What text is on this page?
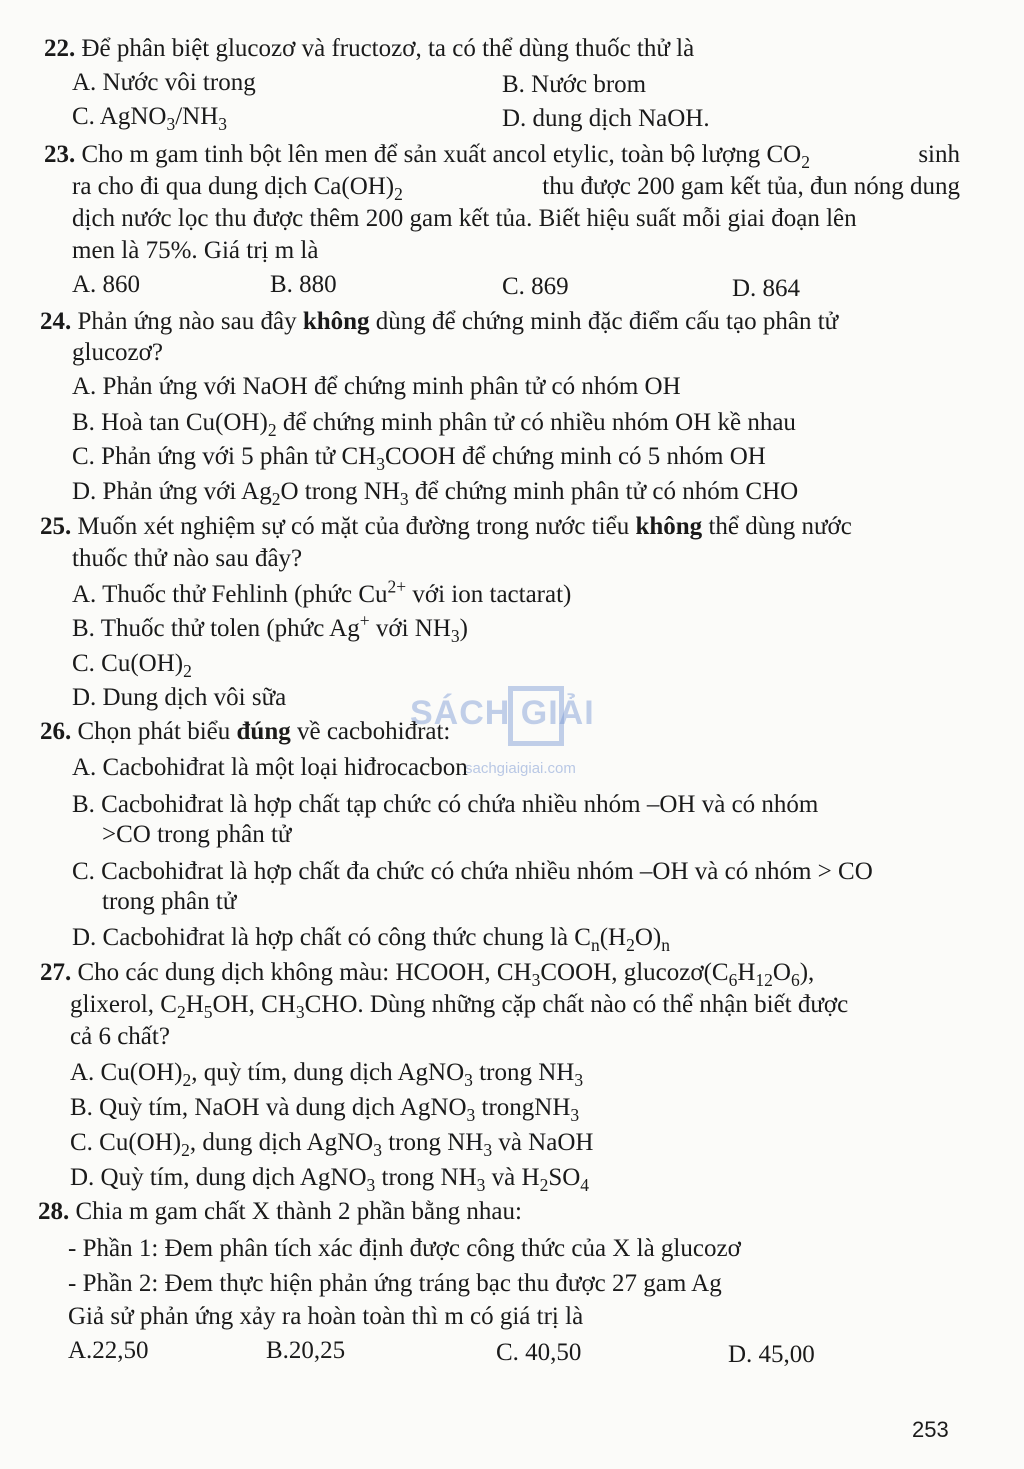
SÁCH GIẢI
sachgiaigiai.com
22. Để phân biệt glucozơ và fructozơ, ta có thể dùng thuốc thử là
A. Nước vôi trong	B. Nước brom
C. $AgNO_3/NH_3$	D. dung dịch NaOH.
23. Cho m gam tinh bột lên men để sản xuất ancol etylic, toàn bộ lượng $CO_2$	sinh
ra cho đi qua dung dịch $Ca(OH)_2$	thu được 200 gam kết tủa, đun nóng dung
dịch nước lọc thu được thêm 200 gam kết tủa. Biết hiệu suất mỗi giai đoạn lên
men là 75%. Giá trị m là
A. 860	B. 880	C. 869	D. 864
24. Phản ứng nào sau đây không dùng để chứng minh đặc điểm cấu tạo phân tử
glucozơ?
A. Phản ứng với NaOH để chứng minh phân tử có nhóm OH
B. Hoà $\tan Cu(OH)_2$ để chứng minh phân tử có nhiều nhóm OH kề nhau
C. Phản ứng với 5 phân tử $CH_3COOH$ để chứng minh có 5 nhóm OH
D. Phản ứng với $Ag_2O$ trong $NH_3$ để chứng minh phân tử có nhóm CHO
25. Muốn xét nghiệm sự có mặt của đường trong nước tiểu không thể dùng nước
thuốc thử nào sau đây?
A. Thuốc thử Fehlinh (phức $Cu^{2+}$ với ion tactarat)
B. Thuốc thử tolen (phức Ag+ với $NH_3$)
C. $Cu(OH)_2$
D. Dung dịch vôi sữa
26. Chọn phát biểu đúng về cacbohiđrat:
A. Cacbohiđrat là một loại hiđrocacbon
B. Cacbohiđrat là hợp chất tạp chức có chứa nhiều nhóm –OH và có nhóm
>CO trong phân tử
C. Cacbohiđrat là hợp chất đa chức có chứa nhiều nhóm –OH và có nhóm > CO
trong phân tử
D. Cacbohiđrat là hợp chất có công thức chung là $C_n(H_2O)_n$
27. Cho các dung dịch không màu: HCOOH, $CH_3COOH$, $glucozơ(C_6H_{12}O_6)$,
glixerol, $C_2H_5OH$, $CH_3CHO$. Dùng những cặp chất nào có thể nhận biết được
cả 6 chất?
A. $Cu(OH)_2$, quỳ tím, dung dịch AgNO$_3$ trong $NH_3$
B. Quỳ tím, NaOH và dung dịch AgNO$_3$ trongNH$_3$
C. $Cu(OH)_2$, dung dịch AgNO$_3$ trong $NH_3$ và NaOH
D. Quỳ tím, dung dịch AgNO$_3$ trong $NH_3$ và $H_2SO_4$
28. Chia m gam chất X thành 2 phần bằng nhau:
- Phần 1: Đem phân tích xác định được công thức của X là glucozơ
- Phần 2: Đem thực hiện phản ứng tráng bạc thu được 27 gam Ag
Giả sử phản ứng xảy ra hoàn toàn thì m có giá trị là
A.22,50	B.20,25	C. 40,50	D. 45,00
253
